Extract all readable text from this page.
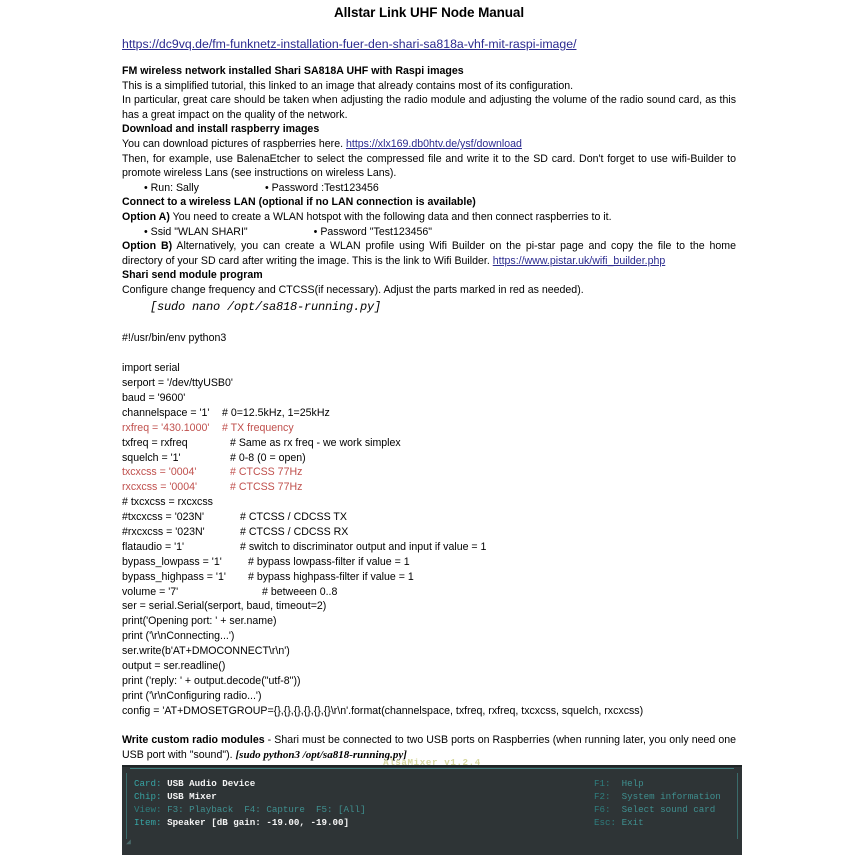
Allstar Link UHF Node Manual
https://dc9vq.de/fm-funknetz-installation-fuer-den-shari-sa818a-vhf-mit-raspi-image/
FM wireless network installed Shari SA818A UHF with Raspi images
This is a simplified tutorial, this linked to an image that already contains most of its configuration.
In particular, great care should be taken when adjusting the radio module and adjusting the volume of the radio sound card, as this has a great impact on the quality of the network.
Download and install raspberry images
You can download pictures of raspberries here. https://xlx169.db0htv.de/ysf/download
Then, for example, use BalenaEtcher to select the compressed file and write it to the SD card. Don't forget to use wifi-Builder to promote wireless Lans (see instructions on wireless Lans).
• Run: Sally	• Password :Test123456
Connect to a wireless LAN (optional if no LAN connection is available)
Option A) You need to create a WLAN hotspot with the following data and then connect raspberries to it.
• Ssid "WLAN SHARI"	• Password "Test123456"
Option B) Alternatively, you can create a WLAN profile using Wifi Builder on the pi-star page and copy the file to the home directory of your SD card after writing the image. This is the link to Wifi Builder. https://www.pistar.uk/wifi_builder.php
Shari send module program
Configure change frequency and CTCSS(if necessary). Adjust the parts marked in red as needed).
[sudo nano /opt/sa818-running.py]
#!/usr/bin/env python3

import serial
serport = '/dev/ttyUSB0'
baud = '9600'
channelspace = '1' # 0=12.5kHz, 1=25kHz
rxfreq = '430.1000' # TX frequency
txfreq = rxfreq	# Same as rx freq - we work simplex
squelch = '1'	# 0-8 (0 = open)
txcxcss = '0004'	# CTCSS 77Hz
rxcxcss = '0004'	# CTCSS 77Hz
# txcxcss = rxcxcss
#txcxcss = '023N'	# CTCSS / CDCSS TX
#rxcxcss = '023N'	# CTCSS / CDCSS RX
flataudio = '1'	# switch to discriminator output and input if value = 1
bypass_lowpass = '1' # bypass lowpass-filter if value = 1
bypass_highpass = '1' # bypass highpass-filter if value = 1
volume = '7'	# betweeen 0..8
ser = serial.Serial(serport, baud, timeout=2)
print('Opening port: ' + ser.name)
print ('\r\nConnecting...')
ser.write(b'AT+DMOCONNECT\r\n')
output = ser.readline()
print ('reply: ' + output.decode("utf-8"))
print ('\r\nConfiguring radio...')
config = 'AT+DMOSETGROUP={},{},{},{},{},{}\r\n'.format(channelspace, txfreq, rxfreq, txcxcss, squelch, rxcxcss)
Write custom radio modules - Shari must be connected to two USB ports on Raspberries (when running later, you only need one USB port with "sound"). [sudo python3 /opt/sa818-running.py]

AlsaMixer v1.2.4
Card: USB Audio Device
Chip: USB Mixer
View: F3: Playback  F4: Capture  F5: [All]
Item: Speaker [dB gain: -19.00, -19.00]
F1:  Help
F2:  System information
F6:  Select sound card
Esc: Exit
◢
